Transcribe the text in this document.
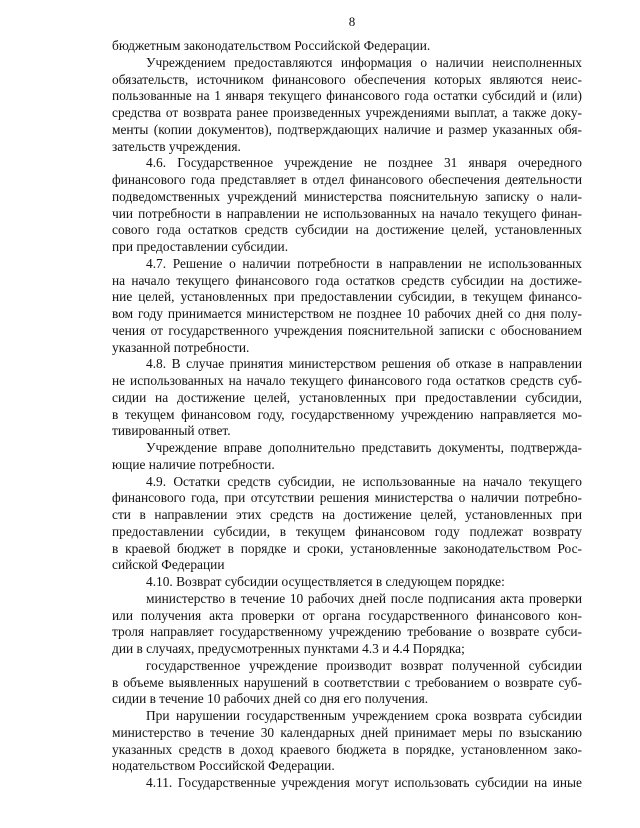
8
бюджетным законодательством Российской Федерации.
Учреждением предоставляются информация о наличии неисполненных
обязательств, источником финансового обеспечения которых являются неис-
пользованные на 1 января текущего финансового года остатки субсидий и (или)
средства от возврата ранее произведенных учреждениями выплат, а также доку-
менты (копии документов), подтверждающих наличие и размер указанных обя-
зательств учреждения.
4.6. Государственное учреждение не позднее 31 января очередного
финансового года представляет в отдел финансового обеспечения деятельности
подведомственных учреждений министерства пояснительную записку о нали-
чии потребности в направлении не использованных на начало текущего финан-
сового года остатков средств субсидии на достижение целей, установленных
при предоставлении субсидии.
4.7. Решение о наличии потребности в направлении не использованных
на начало текущего финансового года остатков средств субсидии на достиже-
ние целей, установленных при предоставлении субсидии, в текущем финансо-
вом году принимается министерством не позднее 10 рабочих дней со дня полу-
чения от государственного учреждения пояснительной записки с обоснованием
указанной потребности.
4.8. В случае принятия министерством решения об отказе в направлении
не использованных на начало текущего финансового года остатков средств суб-
сидии на достижение целей, установленных при предоставлении субсидии,
в текущем финансовом году, государственному учреждению направляется мо-
тивированный ответ.
Учреждение вправе дополнительно представить документы, подтвержда-
ющие наличие потребности.
4.9. Остатки средств субсидии, не использованные на начало текущего
финансового года, при отсутствии решения министерства о наличии потребно-
сти в направлении этих средств на достижение целей, установленных при
предоставлении субсидии, в текущем финансовом году подлежат возврату
в краевой бюджет в порядке и сроки, установленные законодательством Рос-
сийской Федерации
4.10. Возврат субсидии осуществляется в следующем порядке:
министерство в течение 10 рабочих дней после подписания акта проверки
или получения акта проверки от органа государственного финансового кон-
троля направляет государственному учреждению требование о возврате субси-
дии в случаях, предусмотренных пунктами 4.3 и 4.4 Порядка;
государственное учреждение производит возврат полученной субсидии
в объеме выявленных нарушений в соответствии с требованием о возврате суб-
сидии в течение 10 рабочих дней со дня его получения.
При нарушении государственным учреждением срока возврата субсидии
министерство в течение 30 календарных дней принимает меры по взысканию
указанных средств в доход краевого бюджета в порядке, установленном зако-
нодательством Российской Федерации.
4.11. Государственные учреждения могут использовать субсидии на иные
